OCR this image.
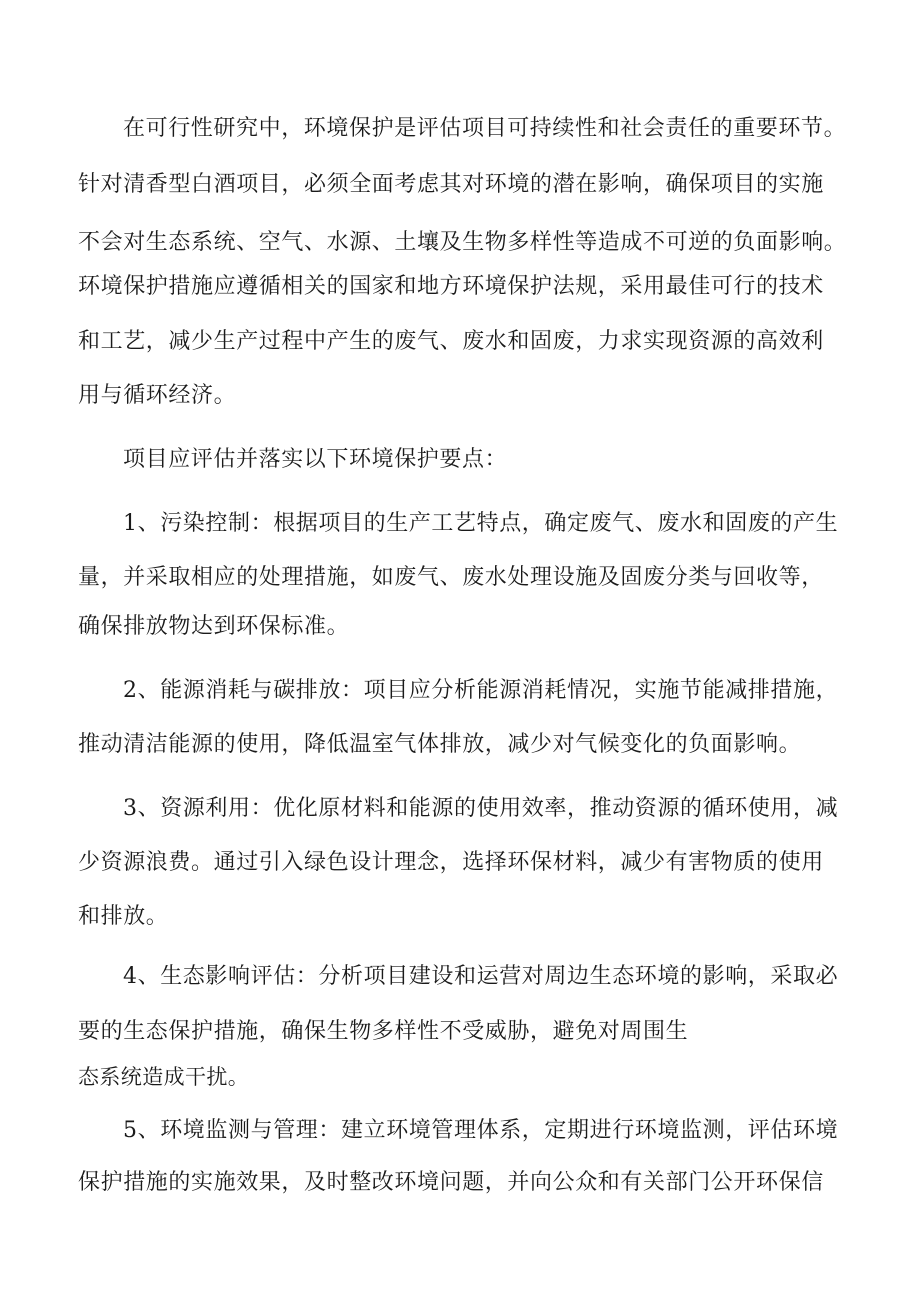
在可行性研究中，环境保护是评估项目可持续性和社会责任的重要环节。
针对清香型白酒项目，必须全面考虑其对环境的潜在影响，确保项目的实施
不会对生态系统、空气、水源、土壤及生物多样性等造成不可逆的负面影响。
环境保护措施应遵循相关的国家和地方环境保护法规，采用最佳可行的技术
和工艺，减少生产过程中产生的废气、废水和固废，力求实现资源的高效利
用与循环经济。
项目应评估并落实以下环境保护要点：
1、污染控制：根据项目的生产工艺特点，确定废气、废水和固废的产生
量，并采取相应的处理措施，如废气、废水处理设施及固废分类与回收等，
确保排放物达到环保标准。
2、能源消耗与碳排放：项目应分析能源消耗情况，实施节能减排措施，
推动清洁能源的使用，降低温室气体排放，减少对气候变化的负面影响。
3、资源利用：优化原材料和能源的使用效率，推动资源的循环使用，减
少资源浪费。通过引入绿色设计理念，选择环保材料，减少有害物质的使用
和排放。
4、生态影响评估：分析项目建设和运营对周边生态环境的影响，采取必
要的生态保护措施，确保生物多样性不受威胁，避免对周围生
态系统造成干扰。
5、环境监测与管理：建立环境管理体系，定期进行环境监测，评估环境
保护措施的实施效果，及时整改环境问题，并向公众和有关部门公开环保信
